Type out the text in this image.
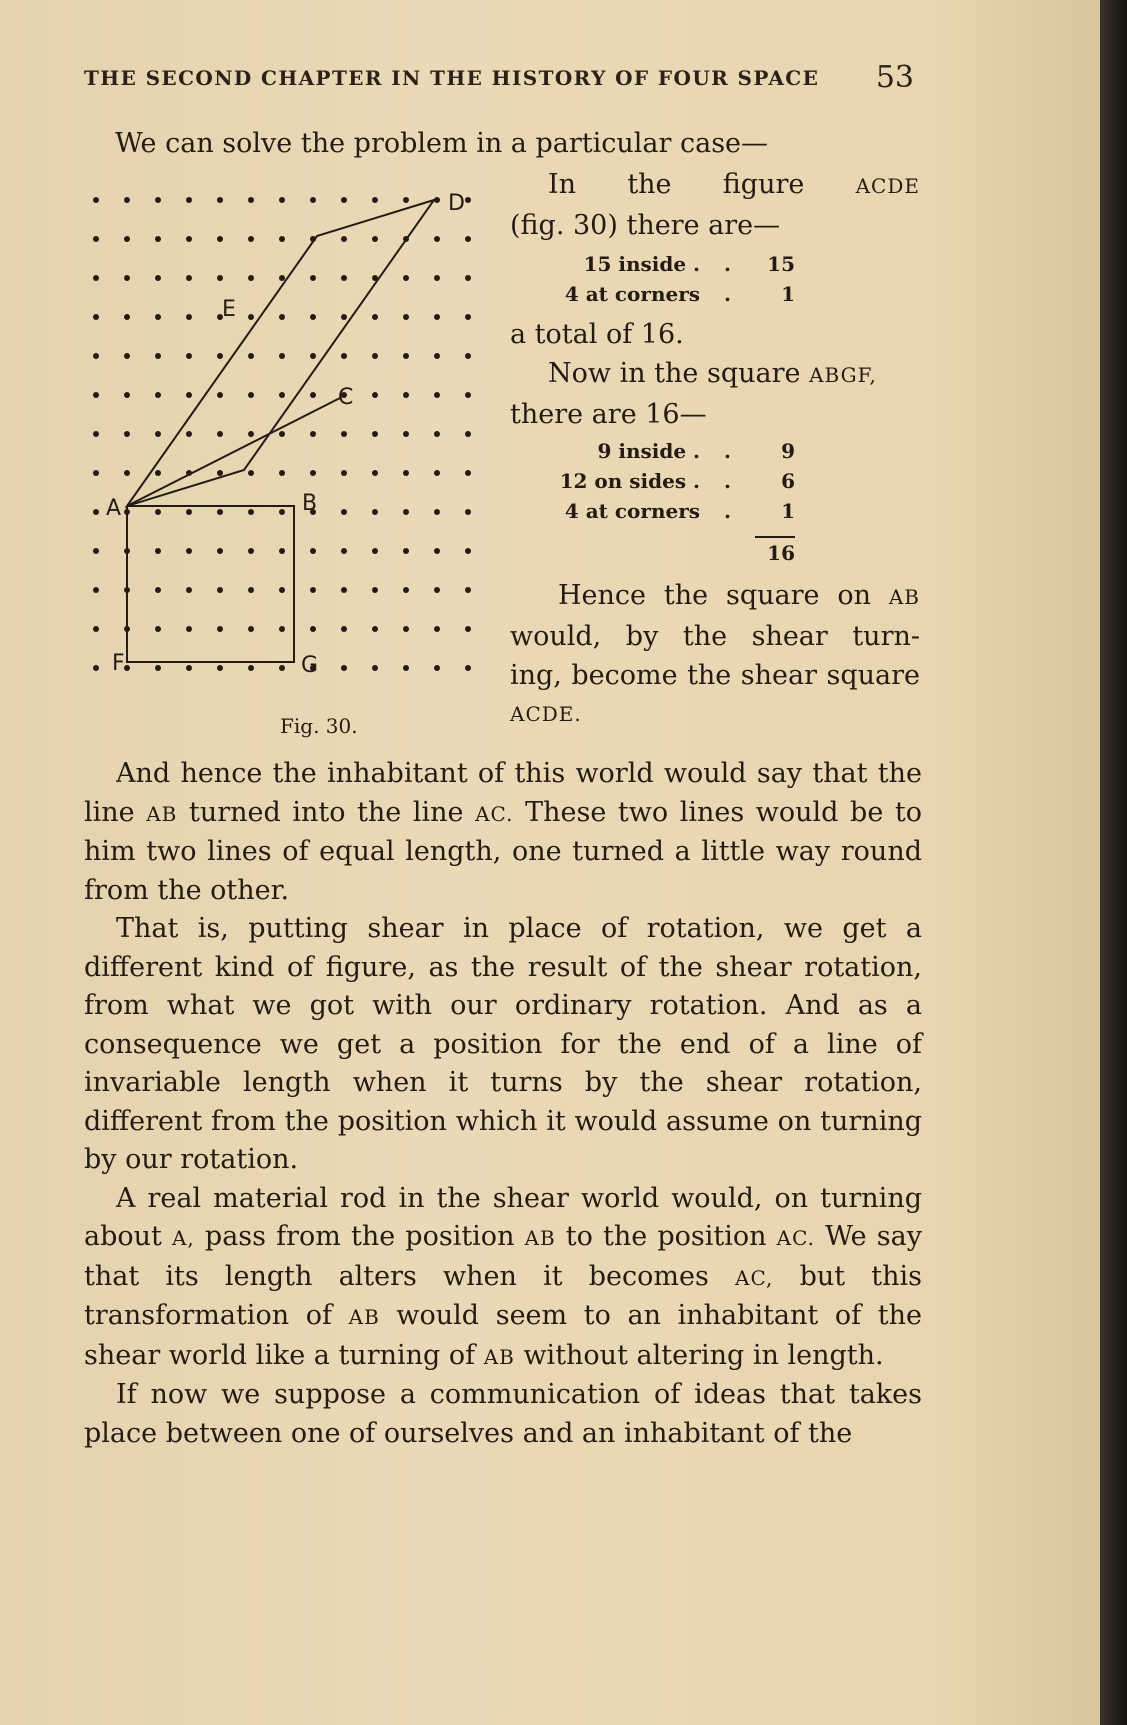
THE SECOND CHAPTER IN THE HISTORY OF FOUR SPACE 53
We can solve the problem in a particular case—
A	B
C
D
E
F	G
Fig. 30.

In the figure	ACDE

(fig. 30) there are—

15 inside .	.	15
4 at corners	.	1

a total of 16.

Now in the square ABGF,

there are 16—

9 inside .	.	9
12 on sides .	.	6
4 at corners	.	1
16

Hence the square on AB

would, by the shear turn-

ing, become the shear square

ACDE.

And hence the inhabitant of this world would say that the line AB turned into the line AC. These two lines would be to him two lines of equal length, one turned a little way round from the other.

That is, putting shear in place of rotation, we get a different kind of figure, as the result of the shear rotation, from what we got with our ordinary rotation. And as a consequence we get a position for the end of a line of invariable length when it turns by the shear rotation, different from the position which it would assume on turning by our rotation.

A real material rod in the shear world would, on turning about A, pass from the position AB to the position AC. We say that its length alters when it becomes AC, but this transformation of AB would seem to an inhabitant of the shear world like a turning of AB without altering in length.

If now we suppose a communication of ideas that takes place between one of ourselves and an inhabitant of the
